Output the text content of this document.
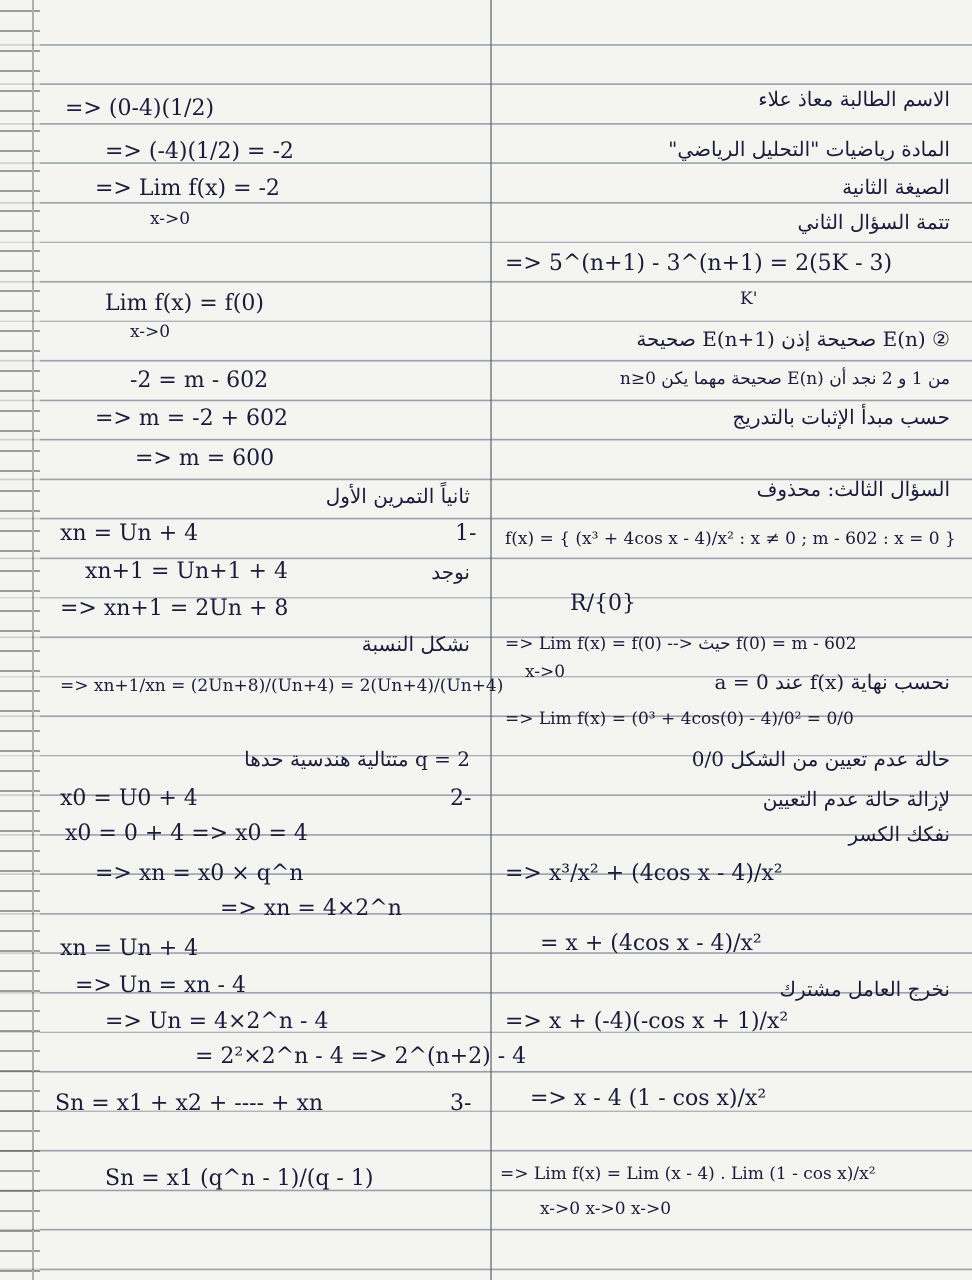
=> (0-4)(1/2)
=> (-4)(1/2) = -2
=> Lim f(x) = -2
x->0
Lim f(x) = f(0)
x->0
-2 = m - 602
=> m = -2 + 602
=> m = 600
ثانياً التمرين الأول
xn = Un + 4	1-
نوجد
xn+1 = Un+1 + 4
=> xn+1 = 2Un + 8
نشكل النسبة
=> xn+1/xn = (2Un+8)/(Un+4) = 2(Un+4)/(Un+4)
q = 2 متتالية هندسية حدها
x0 = U0 + 4	2-
x0 = 0 + 4 => x0 = 4
=> xn = x0 × q^n
=> xn = 4×2^n
xn = Un + 4
=> Un = xn - 4
=> Un = 4×2^n - 4
= 2²×2^n - 4 => 2^(n+2) - 4
Sn = x1 + x2 + ---- + xn	3-
Sn = x1 (q^n - 1)/(q - 1)
الاسم الطالبة معاذ علاء
المادة رياضيات "التحليل الرياضي"
الصيغة الثانية
تتمة السؤال الثاني
=> 5^(n+1) - 3^(n+1) = 2(5K - 3)
K'
② E(n) صحيحة إذن E(n+1) صحيحة
من 1 و 2 نجد أن E(n) صحيحة مهما يكن n≥0
حسب مبدأ الإثبات بالتدريج
السؤال الثالث: محذوف
f(x) = { (x³ + 4cos x - 4)/x² : x ≠ 0 ; m - 602 : x = 0 }
R/{0}
=> Lim f(x) = f(0) --> حيث f(0) = m - 602
x->0	نحسب نهاية f(x) عند a = 0
=> Lim f(x) = (0³ + 4cos(0) - 4)/0² = 0/0
حالة عدم تعيين من الشكل 0/0
لإزالة حالة عدم التعيين
نفكك الكسر
=> x³/x² + (4cos x - 4)/x²
= x + (4cos x - 4)/x²
نخرج العامل مشترك
=> x + (-4)(-cos x + 1)/x²
=> x - 4 (1 - cos x)/x²
=> Lim f(x) = Lim (x - 4) . Lim (1 - cos x)/x²
x->0 x->0 x->0
